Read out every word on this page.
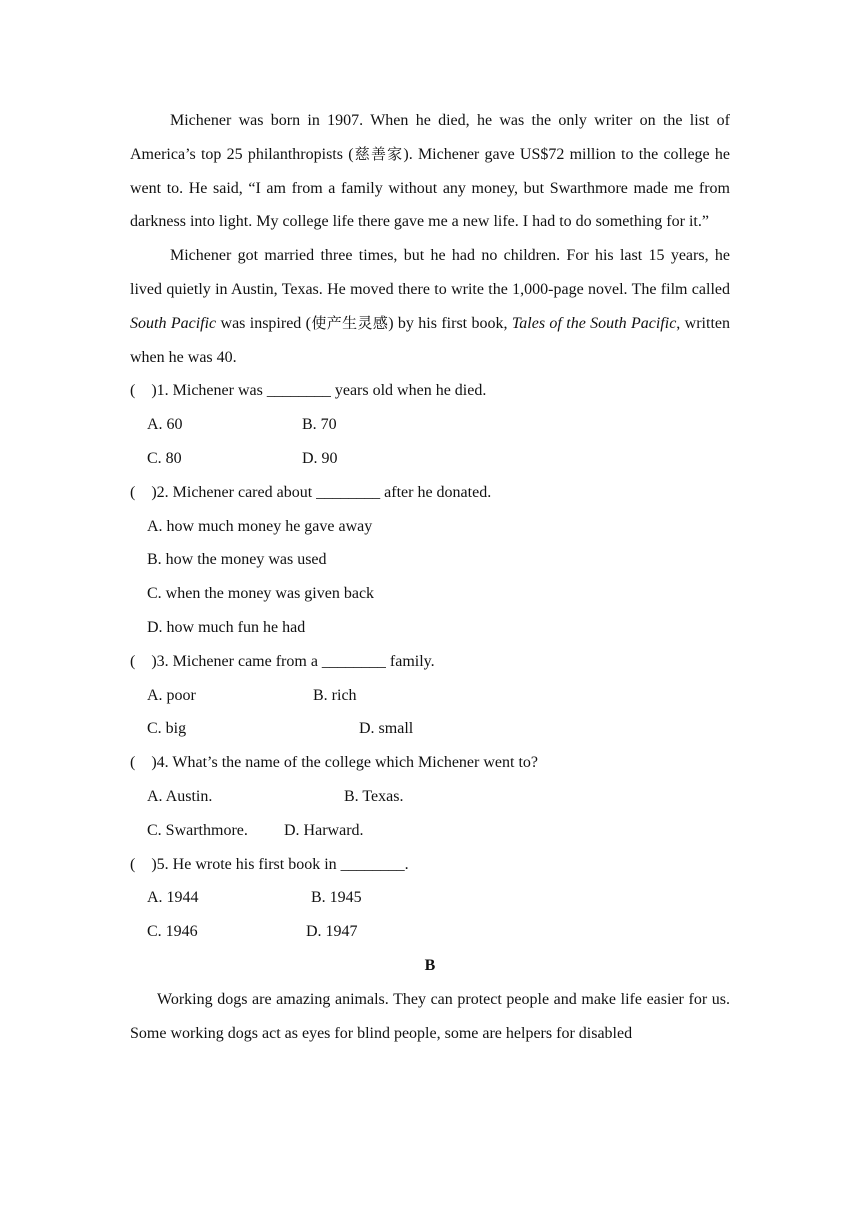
Michener was born in 1907. When he died, he was the only writer on the list of America’s top 25 philanthropists (慈善家). Michener gave US$72 million to the college he went to. He said, “I am from a family without any money, but Swarthmore made me from darkness into light. My college life there gave me a new life. I had to do something for it.”

Michener got married three times, but he had no children. For his last 15 years, he lived quietly in Austin, Texas. He moved there to write the 1,000-page novel. The film called South Pacific was inspired (使产生灵感) by his first book, Tales of the South Pacific, written when he was 40.

(    )1. Michener was ________ years old when he died.

A. 60	B. 70

C. 80	D. 90

(    )2. Michener cared about ________ after he donated.

A. how much money he gave away

B. how the money was used

C. when the money was given back

D. how much fun he had

(    )3. Michener came from a ________ family.

A. poor	B. rich

C. big	D. small

(    )4. What’s the name of the college which Michener went to?

A. Austin.	B. Texas.

C. Swarthmore. D. Harward.

(    )5. He wrote his first book in ________.

A. 1944	B. 1945

C. 1946	D. 1947

B

Working dogs are amazing animals. They can protect people and make life easier for us. Some working dogs act as eyes for blind people, some are helpers for disabled
